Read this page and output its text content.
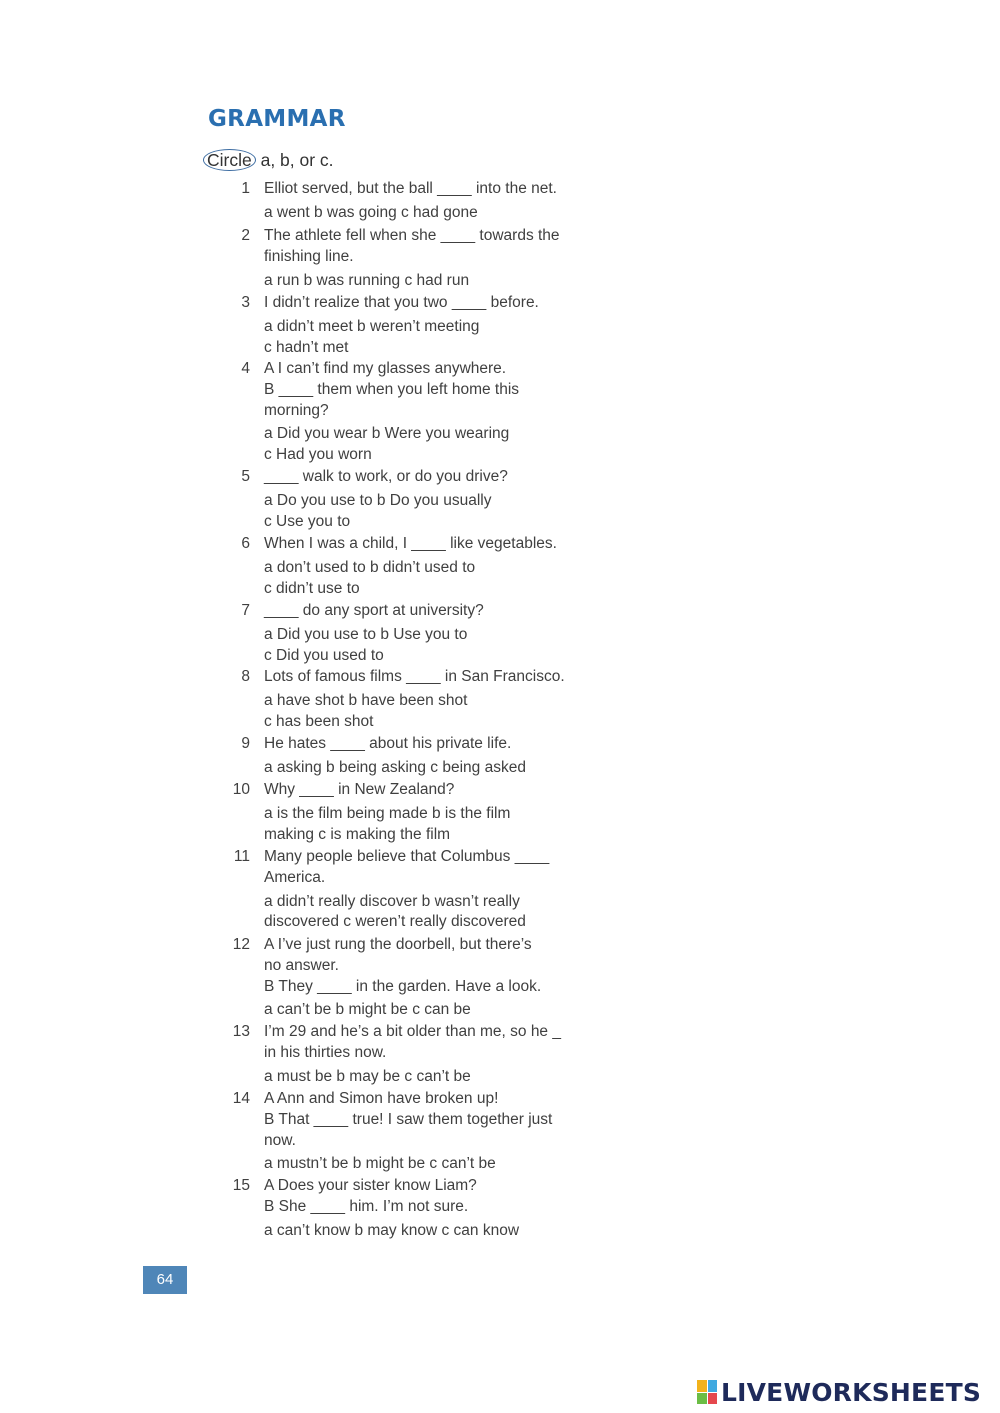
GRAMMAR
Circle a, b, or c.
1 Elliot served, but the ball ____ into the net.
a went b was going c had gone
2 The athlete fell when she ____ towards the
finishing line.
a run b was running c had run
3 I didn’t realize that you two ____ before.
a didn’t meet b weren’t meeting
c hadn’t met
4 A I can’t find my glasses anywhere.
B ____ them when you left home this
morning?
a Did you wear b Were you wearing
c Had you worn
5 ____ walk to work, or do you drive?
a Do you use to b Do you usually
c Use you to
6 When I was a child, I ____ like vegetables.
a don’t used to b didn’t used to
c didn’t use to
7 ____ do any sport at university?
a Did you use to b Use you to
c Did you used to
8 Lots of famous films ____ in San Francisco.
a have shot b have been shot
c has been shot
9 He hates ____ about his private life.
a asking b being asking c being asked
10 Why ____ in New Zealand?
a is the film being made b is the film
making c is making the film
11 Many people believe that Columbus ____
America.
a didn’t really discover b wasn’t really
discovered c weren’t really discovered
12 A I’ve just rung the doorbell, but there’s
no answer.
B They ____ in the garden. Have a look.
a can’t be b might be c can be
13 I’m 29 and he’s a bit older than me, so he _
in his thirties now.
a must be b may be c can’t be
14 A Ann and Simon have broken up!
B That ____ true! I saw them together just
now.
a mustn’t be b might be c can’t be
15 A Does your sister know Liam?
B She ____ him. I’m not sure.
a can’t know b may know c can know
64
LIVEWORKSHEETS
